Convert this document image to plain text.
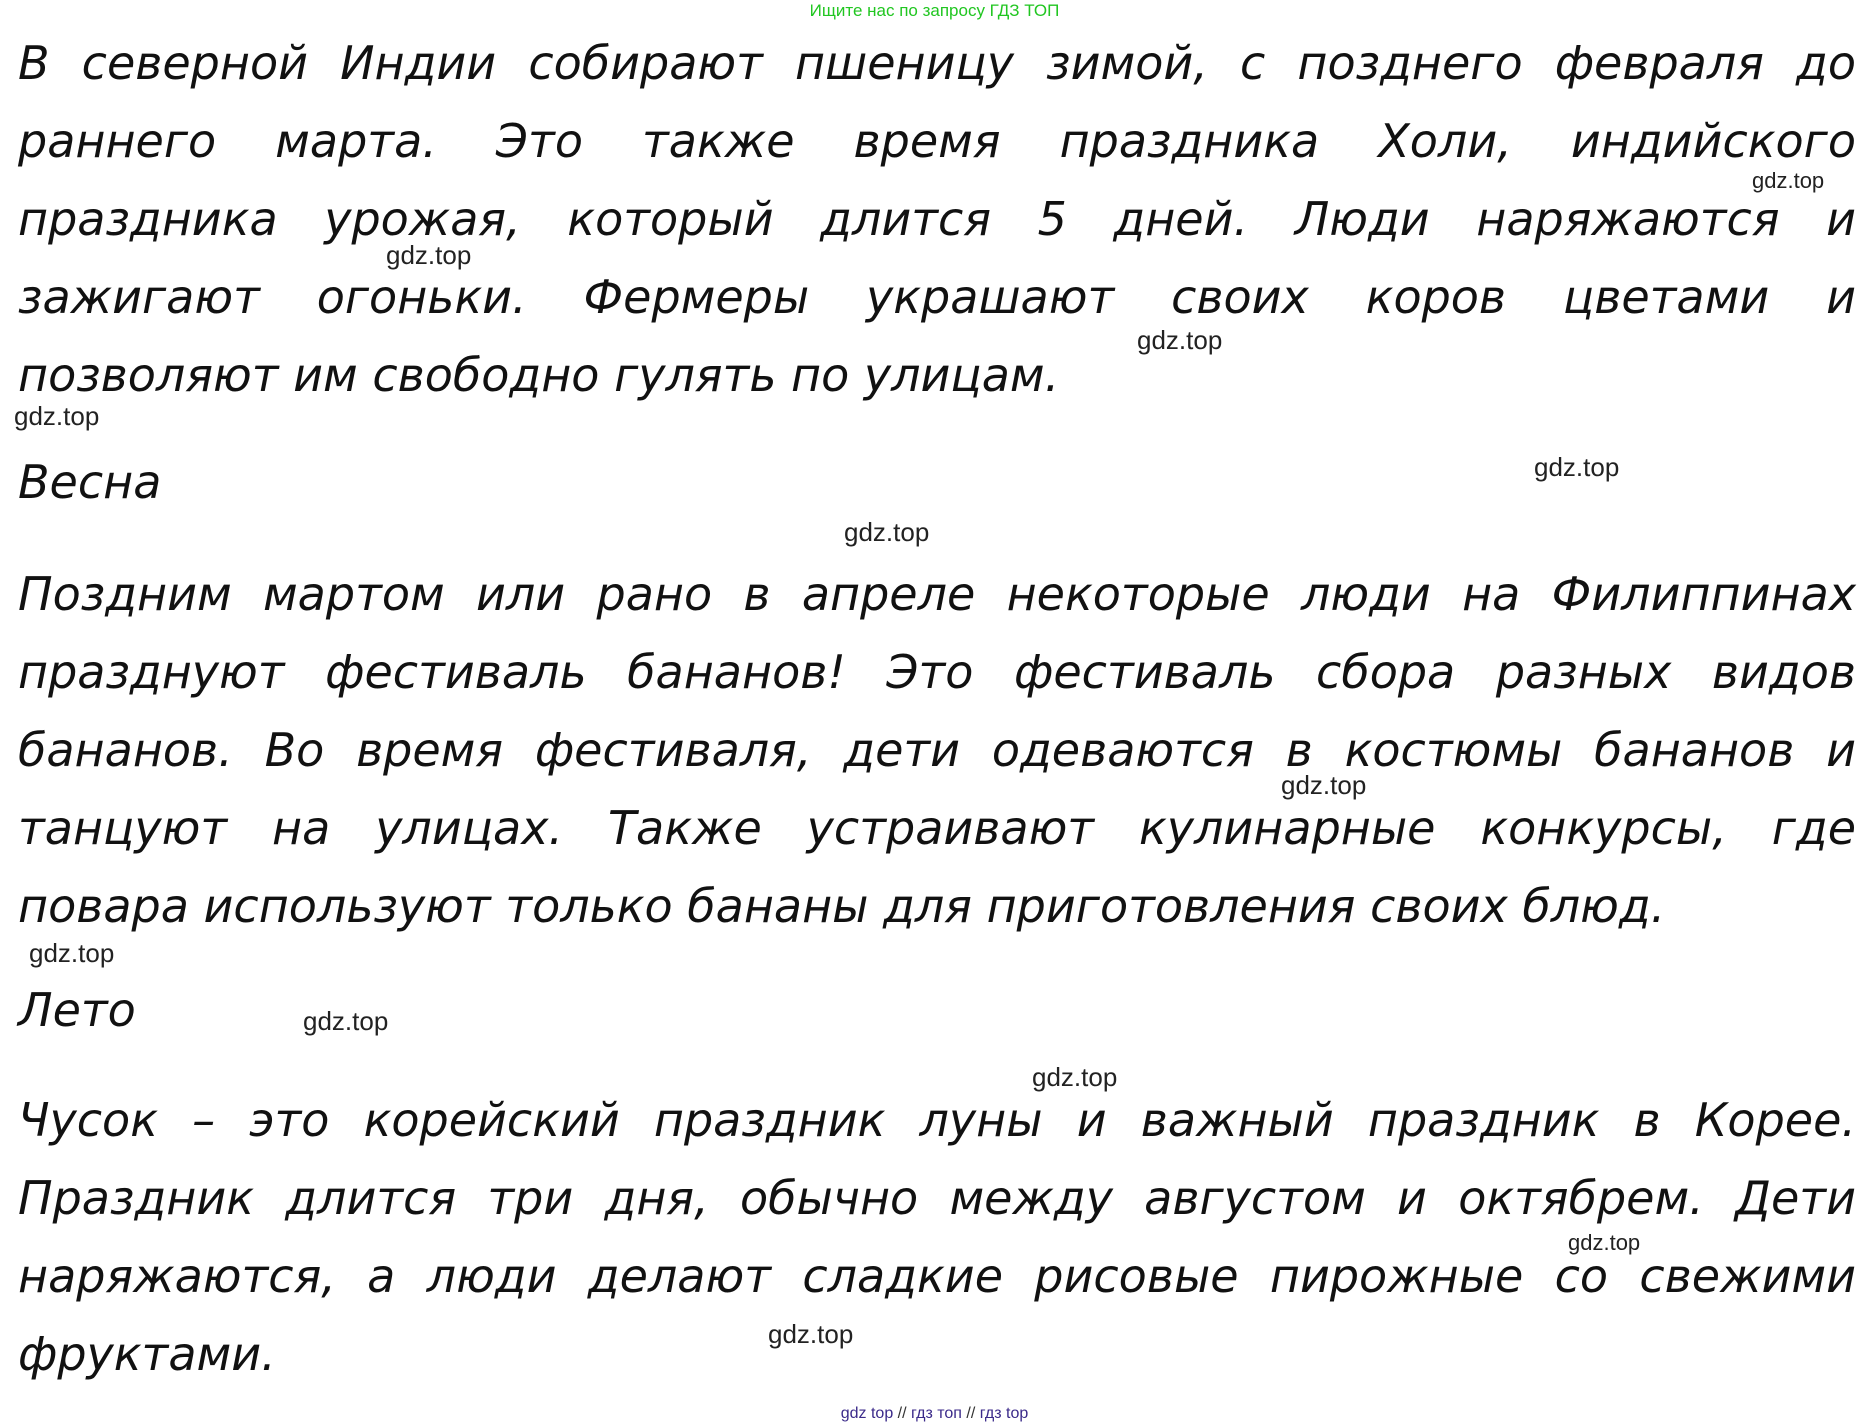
Ищите нас по запросу ГДЗ ТОП
В северной Индии собирают пшеницу зимой, с позднего февраля до
раннего марта. Это также время праздника Холи, индийского
праздника урожая, который длится 5 дней. Люди наряжаются и
зажигают огоньки. Фермеры украшают своих коров цветами и
позволяют им свободно гулять по улицам.
Весна
Поздним мартом или рано в апреле некоторые люди на Филиппинах
празднуют фестиваль бананов! Это фестиваль сбора разных видов
бананов. Во время фестиваля, дети одеваются в костюмы бананов и
танцуют на улицах. Также устраивают кулинарные конкурсы, где
повара используют только бананы для приготовления своих блюд.
Лето
Чусок – это корейский праздник луны и важный праздник в Корее.
Праздник длится три дня, обычно между августом и октябрем. Дети
наряжаются, а люди делают сладкие рисовые пирожные со свежими
фруктами.
gdz.top
gdz.top
gdz.top
gdz.top
gdz.top
gdz.top
gdz.top
gdz.top
gdz.top
gdz.top
gdz.top
gdz.top
gdz top // гдз топ // гдз top
